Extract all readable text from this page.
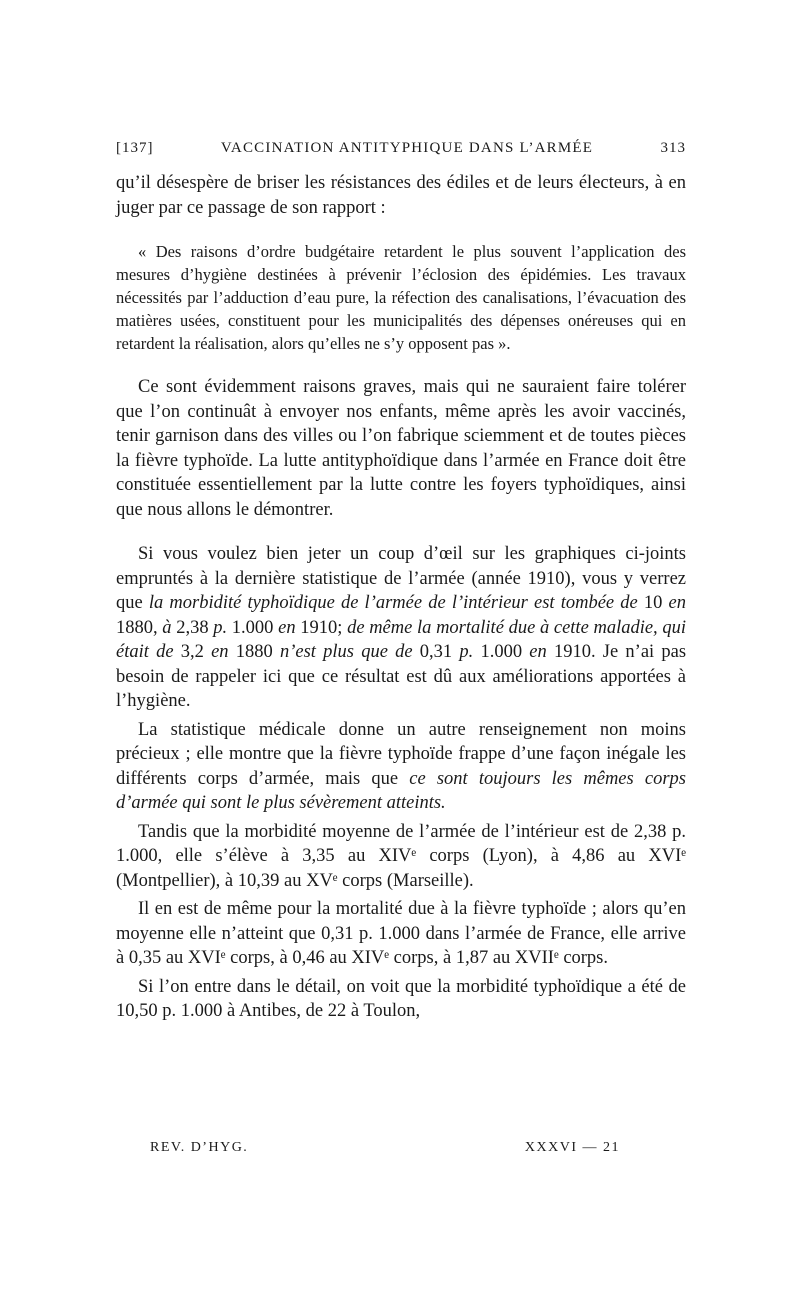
[137]	VACCINATION ANTITYPHIQUE DANS L’ARMÉE	313

qu’il désespère de briser les résistances des édiles et de leurs électeurs, à en juger par ce passage de son rapport :

« Des raisons d’ordre budgétaire retardent le plus souvent l’application des mesures d’hygiène destinées à prévenir l’éclosion des épidémies. Les travaux nécessités par l’adduction d’eau pure, la réfection des canalisations, l’évacuation des matières usées, constituent pour les municipalités des dépenses onéreuses qui en retardent la réalisation, alors qu’elles ne s’y opposent pas ».

Ce sont évidemment raisons graves, mais qui ne sauraient faire tolérer que l’on continuât à envoyer nos enfants, même après les avoir vaccinés, tenir garnison dans des villes ou l’on fabrique sciemment et de toutes pièces la fièvre typhoïde. La lutte antityphoïdique dans l’armée en France doit être constituée essentiellement par la lutte contre les foyers typhoïdiques, ainsi que nous allons le démontrer.

Si vous voulez bien jeter un coup d’œil sur les graphiques ci-joints empruntés à la dernière statistique de l’armée (année 1910), vous y verrez que la morbidité typhoïdique de l’armée de l’intérieur est tombée de 10 en 1880, à 2,38 p. 1.000 en 1910; de même la mortalité due à cette maladie, qui était de 3,2 en 1880 n’est plus que de 0,31 p. 1.000 en 1910. Je n’ai pas besoin de rappeler ici que ce résultat est dû aux améliorations apportées à l’hygiène.

La statistique médicale donne un autre renseignement non moins précieux ; elle montre que la fièvre typhoïde frappe d’une façon inégale les différents corps d’armée, mais que ce sont toujours les mêmes corps d’armée qui sont le plus sévèrement atteints.

Tandis que la morbidité moyenne de l’armée de l’intérieur est de 2,38 p. 1.000, elle s’élève à 3,35 au XIVᵉ corps (Lyon), à 4,86 au XVIᵉ (Montpellier), à 10,39 au XVᵉ corps (Marseille).

Il en est de même pour la mortalité due à la fièvre typhoïde ; alors qu’en moyenne elle n’atteint que 0,31 p. 1.000 dans l’armée de France, elle arrive à 0,35 au XVIᵉ corps, à 0,46 au XIVᵉ corps, à 1,87 au XVIIᵉ corps.

Si l’on entre dans le détail, on voit que la morbidité typhoïdique a été de 10,50 p. 1.000 à Antibes, de 22 à Toulon,

REV. D’HYG.	XXXVI — 21
